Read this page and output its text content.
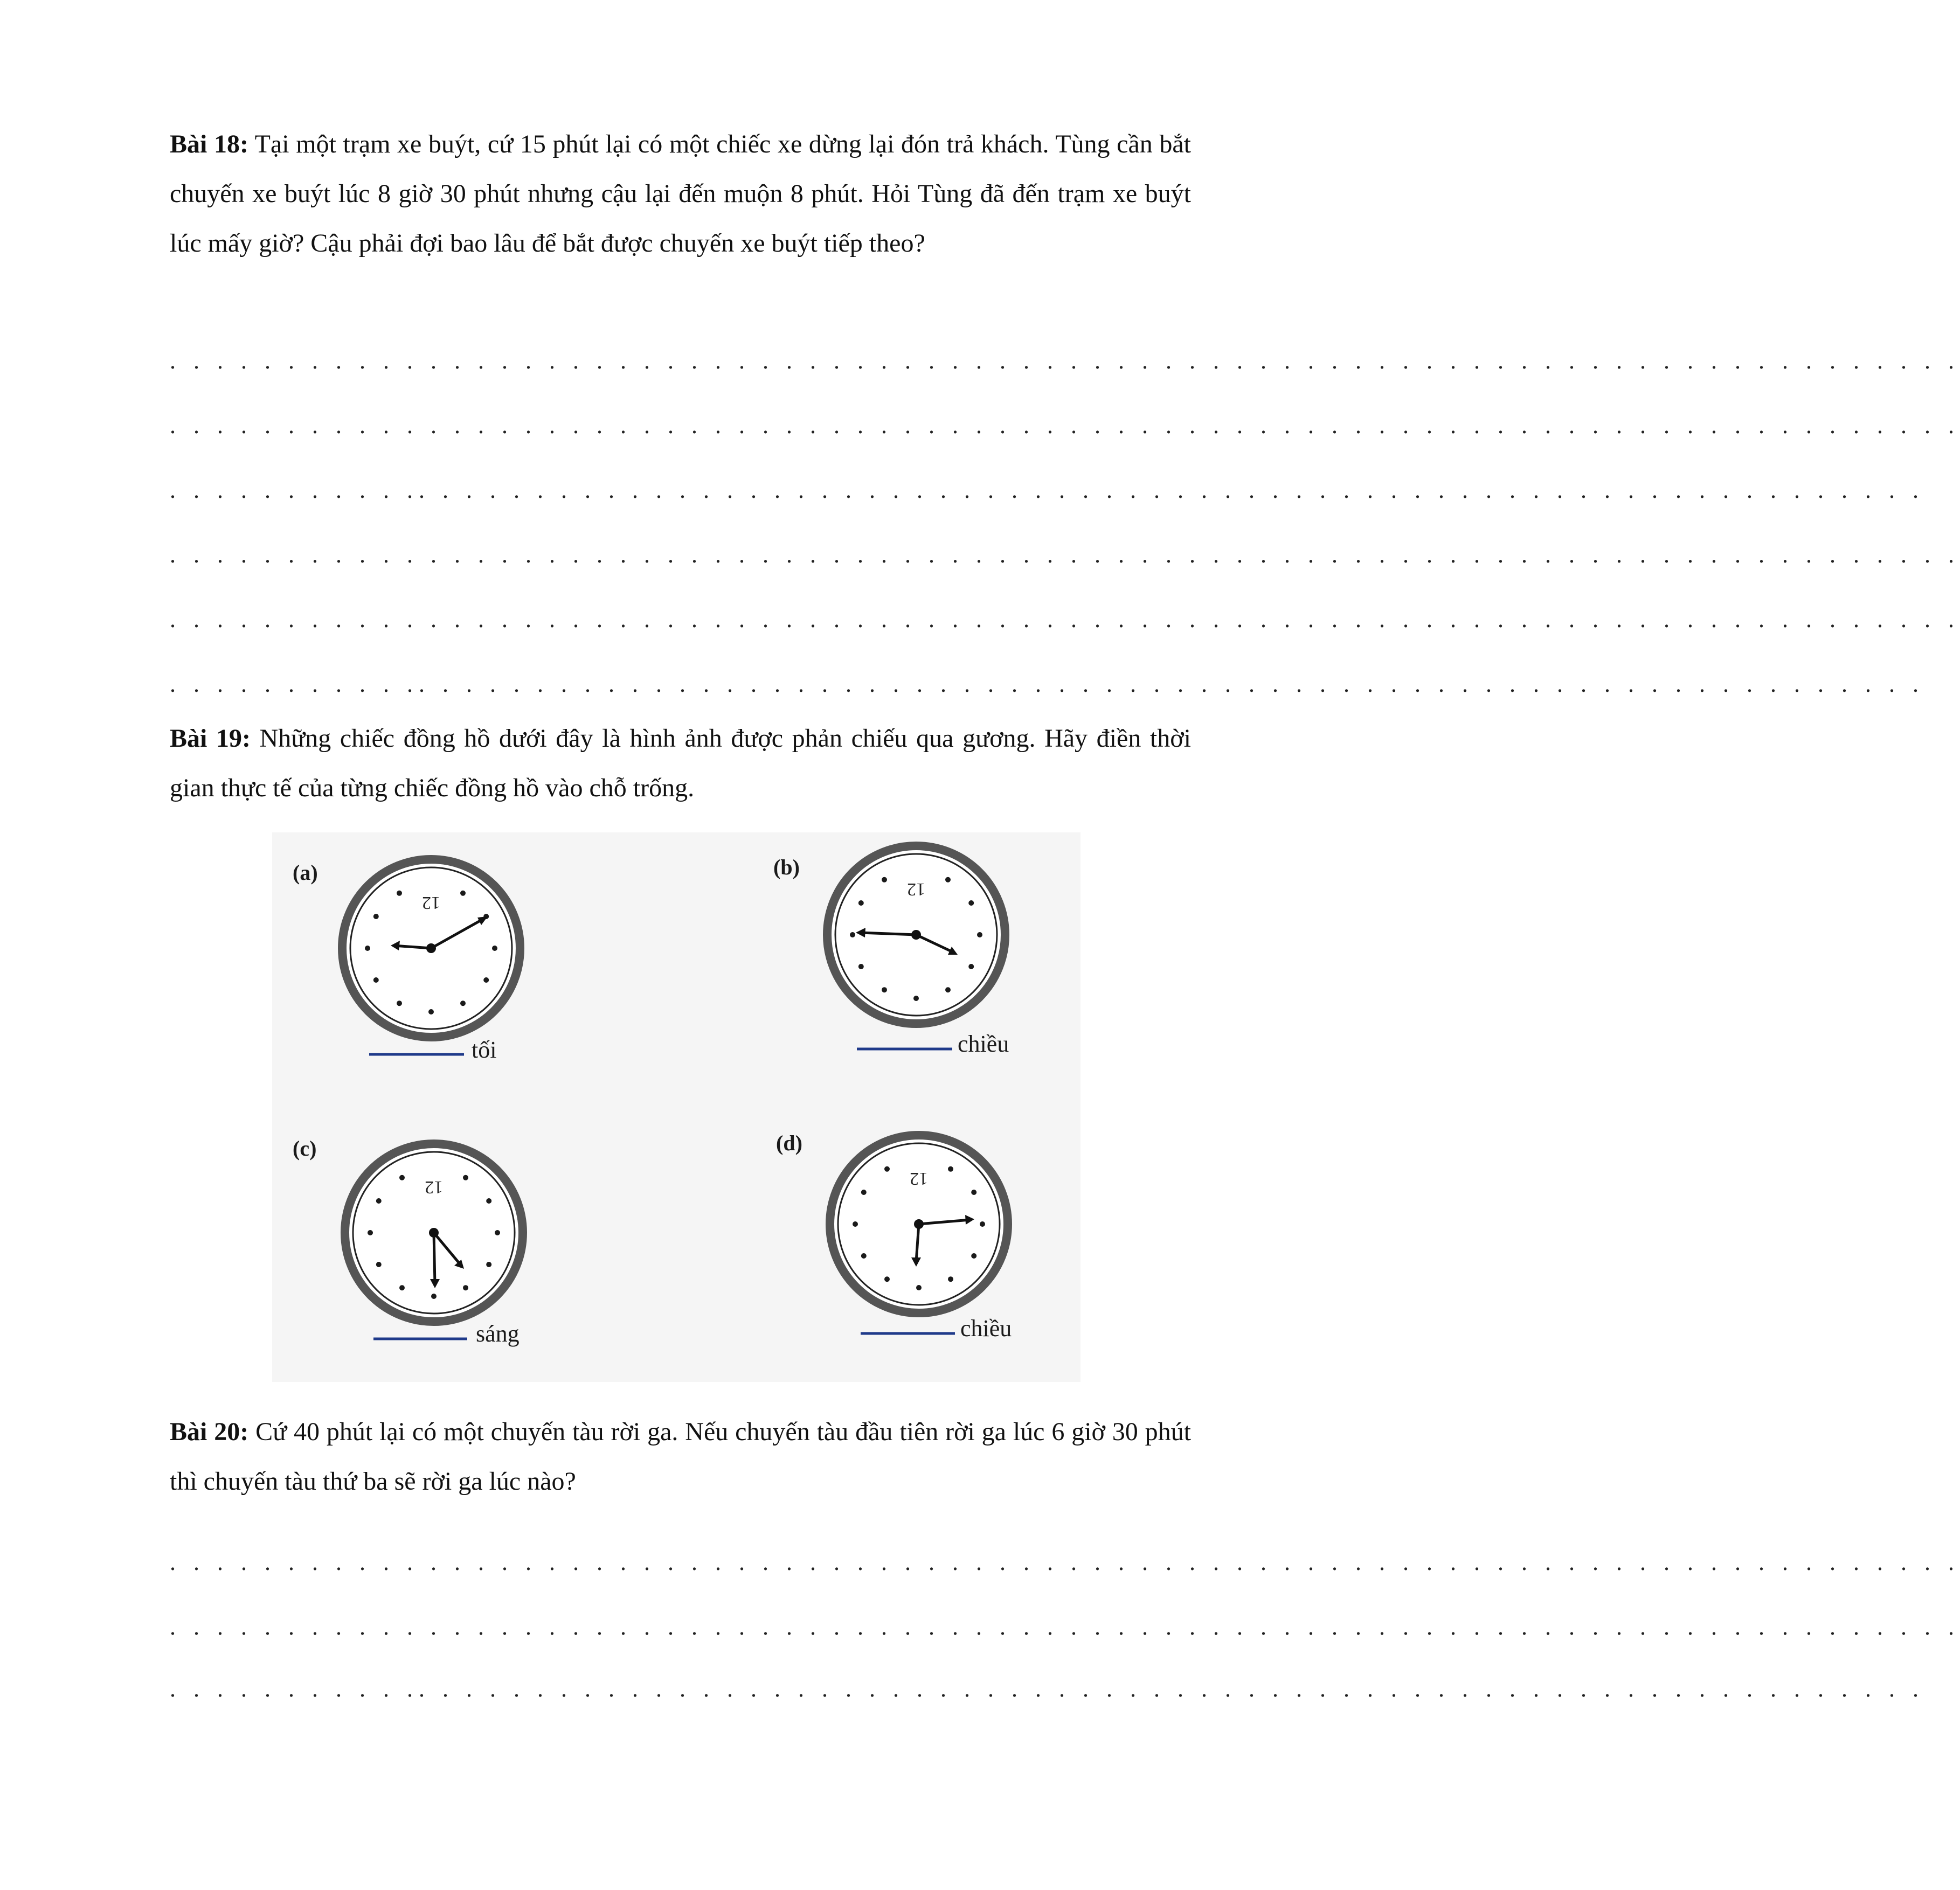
Bài 18: Tại một trạm xe buýt, cứ 15 phút lại có một chiếc xe dừng lại đón trả khách. Tùng cần bắt chuyến xe buýt lúc 8 giờ 30 phút nhưng cậu lại đến muộn 8 phút. Hỏi Tùng đã đến trạm xe buýt lúc mấy giờ? Cậu phải đợi bao lâu để bắt được chuyến xe buýt tiếp theo?

. . . . . . . . . . . . . . . . . . . . . . . . . . . . . . . . . . . . . . . . . . . . . . . . . . . . . . . . . . . . . . . . . . . . . . . . . . . .
. . . . . . . . . . . . . . . . . . . . . . . . . . . . . . . . . . . . . . . . . . . . . . . . . . . . . . . . . . . . . . . . . . . . . . . . . . . .
. . . . . . . . . . .. . . . . . . . . . . . . . . . . . . . . . . . . . . . . . . . . . . . . . . . . . . . . . . . . . . . . . . . . . . . . . . .
. . . . . . . . . . . . . . . . . . . . . . . . . . . . . . . . . . . . . . . . . . . . . . . . . . . . . . . . . . . . . . . . . . . . . . . . . . . .
. . . . . . . . . . . . . . . . . . . . . . . . . . . . . . . . . . . . . . . . . . . . . . . . . . . . . . . . . . . . . . . . . . . . . . . . . . . .
. . . . . . . . . . .. . . . . . . . . . . . . . . . . . . . . . . . . . . . . . . . . . . . . . . . . . . . . . . . . . . . . . . . . . . . . . . .

Bài 19: Những chiếc đồng hồ dưới đây là hình ảnh được phản chiếu qua gương. Hãy điền thời gian thực tế của từng chiếc đồng hồ vào chỗ trống.

(a)
12
tối
(b)
12
chiều
(c)
12
sáng
(d)
12
chiều

Bài 20: Cứ 40 phút lại có một chuyến tàu rời ga. Nếu chuyến tàu đầu tiên rời ga lúc 6 giờ 30 phút thì chuyến tàu thứ ba sẽ rời ga lúc nào?

. . . . . . . . . . . . . . . . . . . . . . . . . . . . . . . . . . . . . . . . . . . . . . . . . . . . . . . . . . . . . . . . . . . . . . . . . . . .
. . . . . . . . . . . . . . . . . . . . . . . . . . . . . . . . . . . . . . . . . . . . . . . . . . . . . . . . . . . . . . . . . . . . . . . . . . . .
. . . . . . . . . . .. . . . . . . . . . . . . . . . . . . . . . . . . . . . . . . . . . . . . . . . . . . . . . . . . . . . . . . . . . . . . . . .
